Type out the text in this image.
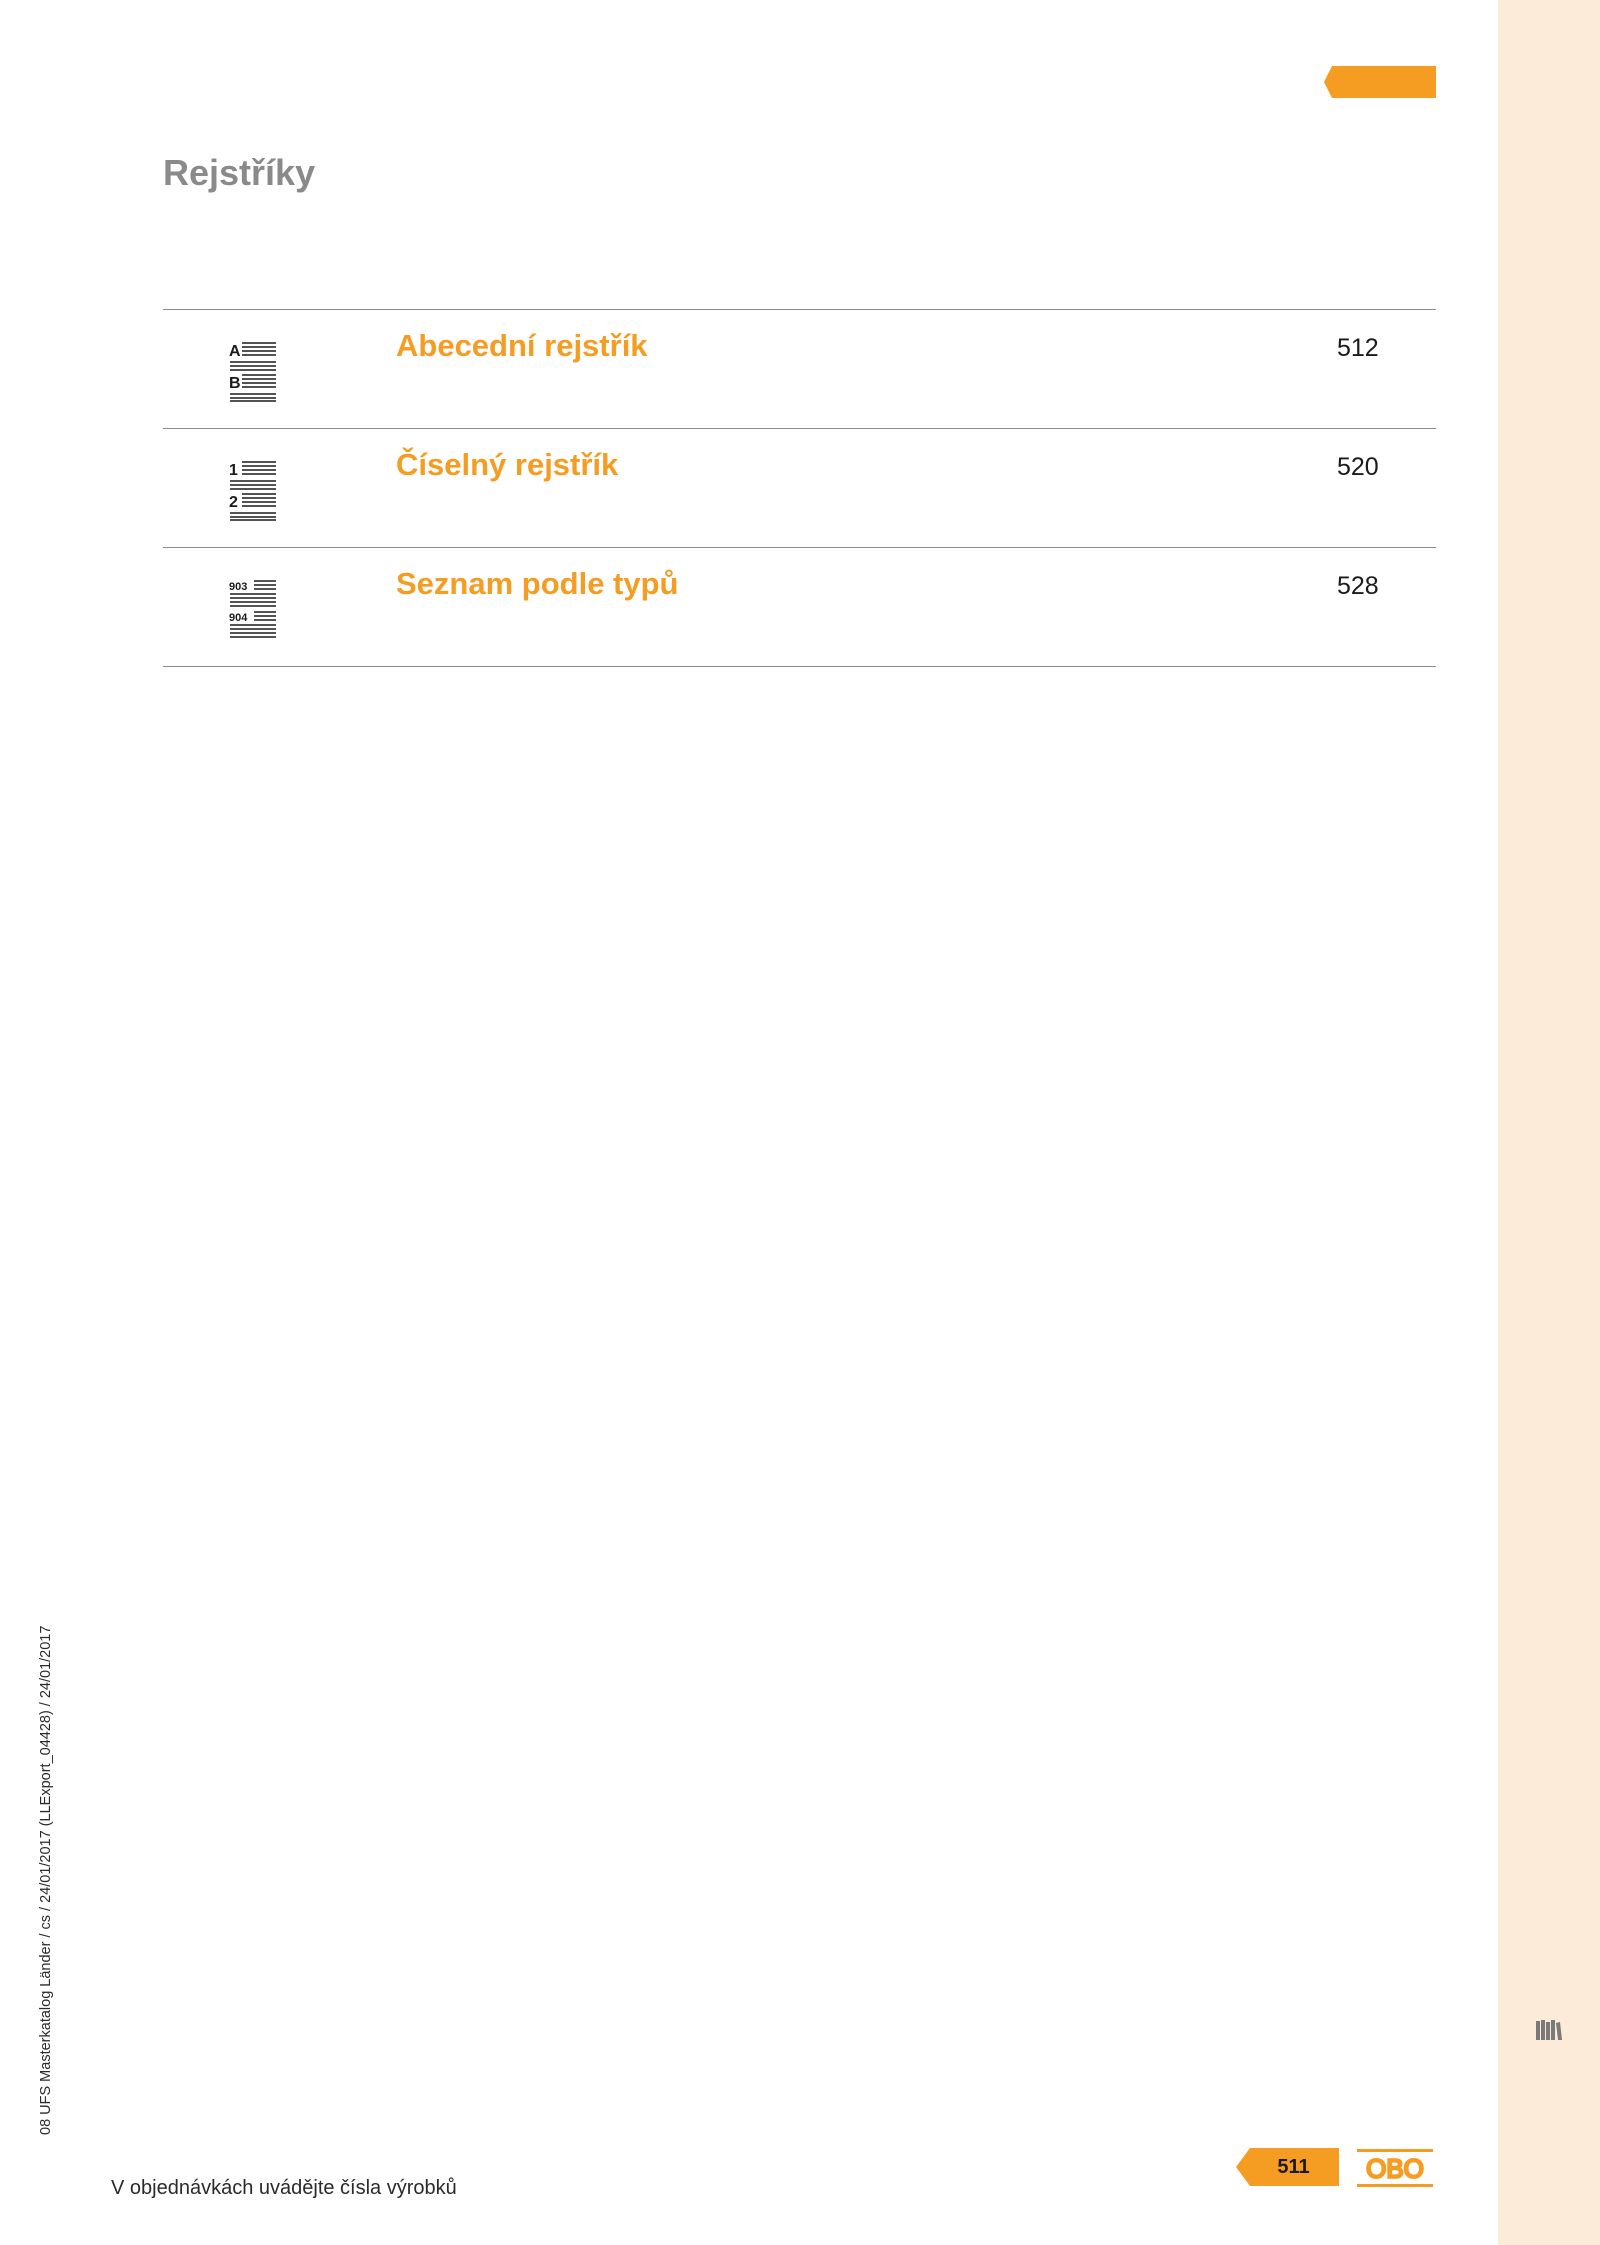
Rejstříky
A
B
Abecední rejstřík	512
1
2
Číselný rejstřík	520
903
904
Seznam podle typů	528
08 UFS Masterkatalog Länder / cs / 24/01/2017 (LLExport_04428) / 24/01/2017
V objednávkách uvádějte čísla výrobků
511	OBO
